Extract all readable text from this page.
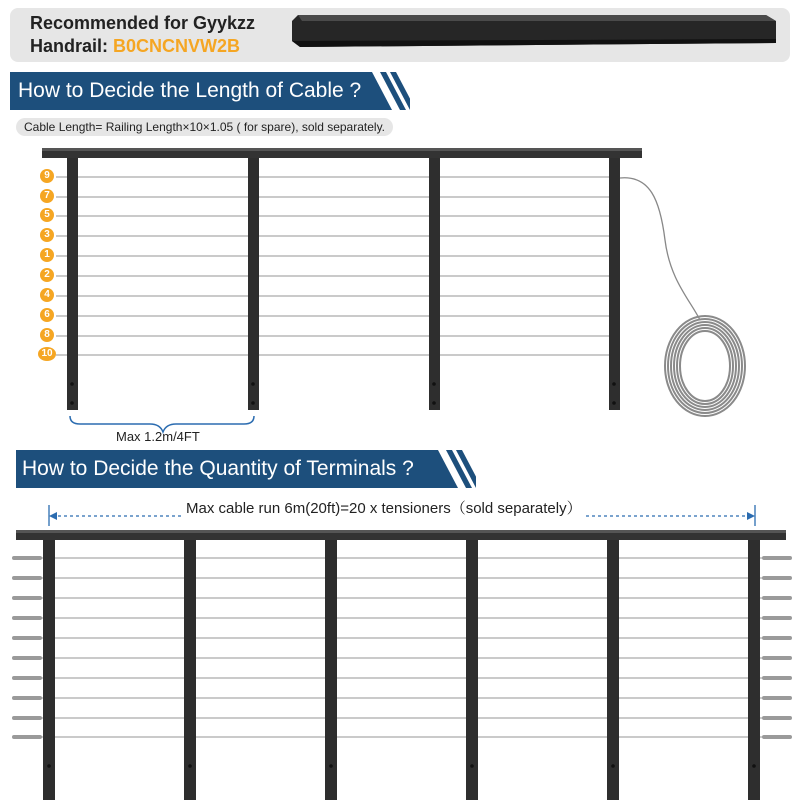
Recommended for Gyykzz
Handrail: B0CNCNVW2B
How to Decide the Length of Cable ?
Cable Length= Railing Length×10×1.05 ( for spare), sold separately.
9
7
5
3
1
2
4
6
8
10
Max 1.2m/4FT
How to Decide the Quantity of Terminals ?
Max cable run 6m(20ft)=20 x tensioners（sold separately）
